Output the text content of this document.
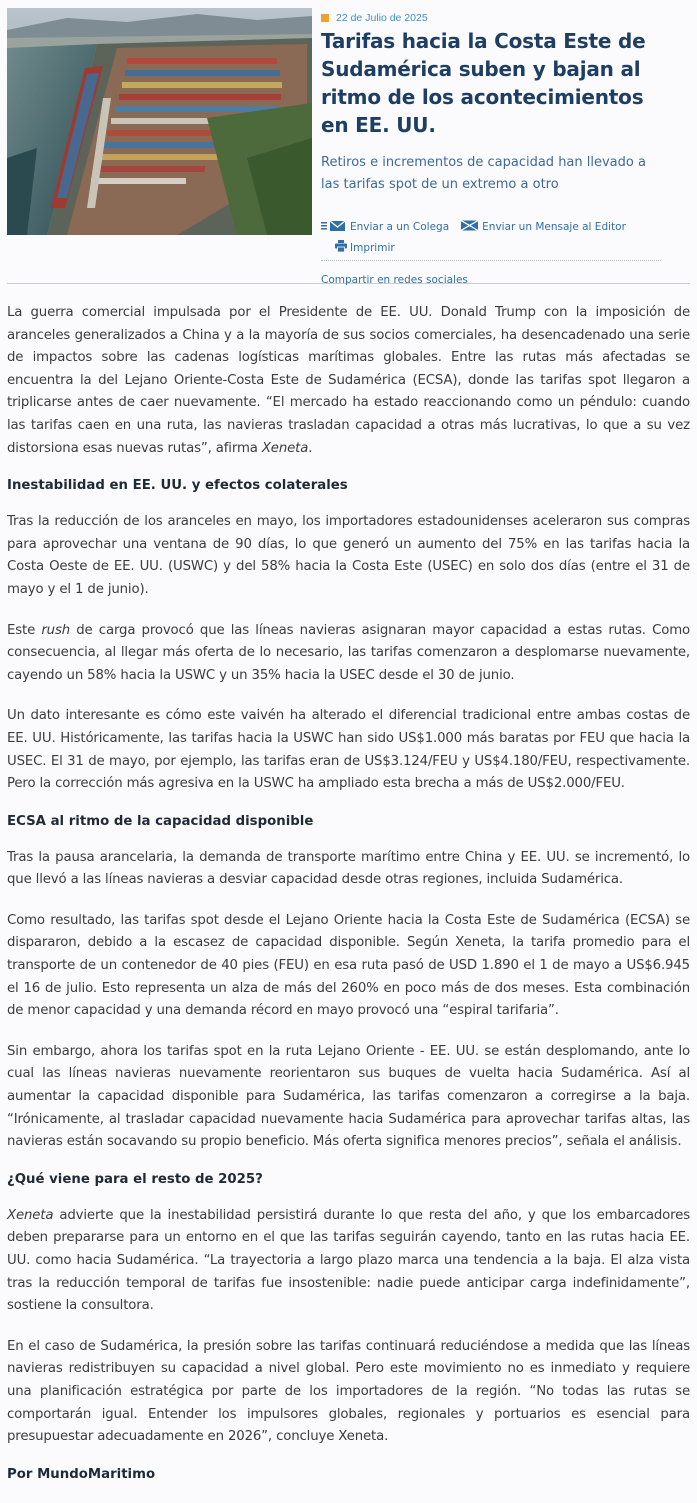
22 de Julio de 2025
Tarifas hacia la Costa Este de Sudamérica suben y bajan al ritmo de los acontecimientos en EE. UU.
Retiros e incrementos de capacidad han llevado a las tarifas spot de un extremo a otro
Enviar a un Colega	Enviar un Mensaje al Editor
Imprimir
Compartir en redes sociales

La guerra comercial impulsada por el Presidente de EE. UU. Donald Trump con la imposición de aranceles generalizados a China y a la mayoría de sus socios comerciales, ha desencadenado una serie de impactos sobre las cadenas logísticas marítimas globales. Entre las rutas más afectadas se encuentra la del Lejano Oriente-Costa Este de Sudamérica (ECSA), donde las tarifas spot llegaron a triplicarse antes de caer nuevamente. “El mercado ha estado reaccionando como un péndulo: cuando las tarifas caen en una ruta, las navieras trasladan capacidad a otras más lucrativas, lo que a su vez distorsiona esas nuevas rutas”, afirma Xeneta.

Inestabilidad en EE. UU. y efectos colaterales

Tras la reducción de los aranceles en mayo, los importadores estadounidenses aceleraron sus compras para aprovechar una ventana de 90 días, lo que generó un aumento del 75% en las tarifas hacia la Costa Oeste de EE. UU. (USWC) y del 58% hacia la Costa Este (USEC) en solo dos días (entre el 31 de mayo y el 1 de junio).

Este rush de carga provocó que las líneas navieras asignaran mayor capacidad a estas rutas. Como consecuencia, al llegar más oferta de lo necesario, las tarifas comenzaron a desplomarse nuevamente, cayendo un 58% hacia la USWC y un 35% hacia la USEC desde el 30 de junio.

Un dato interesante es cómo este vaivén ha alterado el diferencial tradicional entre ambas costas de EE. UU. Históricamente, las tarifas hacia la USWC han sido US$1.000 más baratas por FEU que hacia la USEC. El 31 de mayo, por ejemplo, las tarifas eran de US$3.124/FEU y US$4.180/FEU, respectivamente. Pero la corrección más agresiva en la USWC ha ampliado esta brecha a más de US$2.000/FEU.

ECSA al ritmo de la capacidad disponible

Tras la pausa arancelaria, la demanda de transporte marítimo entre China y EE. UU. se incrementó, lo que llevó a las líneas navieras a desviar capacidad desde otras regiones, incluida Sudamérica.

Como resultado, las tarifas spot desde el Lejano Oriente hacia la Costa Este de Sudamérica (ECSA) se dispararon, debido a la escasez de capacidad disponible. Según Xeneta, la tarifa promedio para el transporte de un contenedor de 40 pies (FEU) en esa ruta pasó de USD 1.890 el 1 de mayo a US$6.945 el 16 de julio. Esto representa un alza de más del 260% en poco más de dos meses. Esta combinación de menor capacidad y una demanda récord en mayo provocó una “espiral tarifaria”.

Sin embargo, ahora los tarifas spot en la ruta Lejano Oriente - EE. UU. se están desplomando, ante lo cual las líneas navieras nuevamente reorientaron sus buques de vuelta hacia Sudamérica. Así al aumentar la capacidad disponible para Sudamérica, las tarifas comenzaron a corregirse a la baja. “Irónicamente, al trasladar capacidad nuevamente hacia Sudamérica para aprovechar tarifas altas, las navieras están socavando su propio beneficio. Más oferta significa menores precios”, señala el análisis.

¿Qué viene para el resto de 2025?

Xeneta advierte que la inestabilidad persistirá durante lo que resta del año, y que los embarcadores deben prepararse para un entorno en el que las tarifas seguirán cayendo, tanto en las rutas hacia EE. UU. como hacia Sudamérica. “La trayectoria a largo plazo marca una tendencia a la baja. El alza vista tras la reducción temporal de tarifas fue insostenible: nadie puede anticipar carga indefinidamente”, sostiene la consultora.

En el caso de Sudamérica, la presión sobre las tarifas continuará reduciéndose a medida que las líneas navieras redistribuyen su capacidad a nivel global. Pero este movimiento no es inmediato y requiere una planificación estratégica por parte de los importadores de la región. “No todas las rutas se comportarán igual. Entender los impulsores globales, regionales y portuarios es esencial para presupuestar adecuadamente en 2026”, concluye Xeneta.

Por MundoMaritimo
